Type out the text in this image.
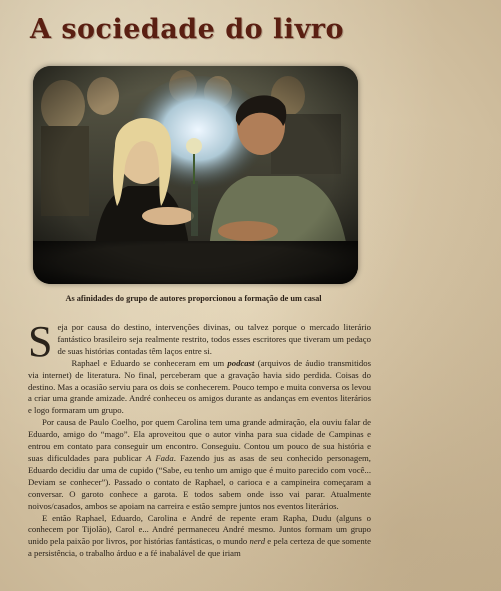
A sociedade do livro
As afinidades do grupo de autores proporcionou a formação de um casal

Seja por causa do destino, intervenções divinas, ou talvez porque o mercado literário fantástico brasileiro seja realmente restrito, todos esses escritores que tiveram um pedaço de suas histórias contadas têm laços entre si.

Raphael e Eduardo se conheceram em um podcast (arquivos de áudio transmitidos via internet) de literatura. No final, perceberam que a gravação havia sido perdida. Coisas do destino. Mas a ocasião serviu para os dois se conhecerem. Pouco tempo e muita conversa os levou a criar uma grande amizade. André conheceu os amigos durante as andanças em eventos literários e logo formaram um grupo.

Por causa de Paulo Coelho, por quem Carolina tem uma grande admiração, ela ouviu falar de Eduardo, amigo do “mago”. Ela aproveitou que o autor vinha para sua cidade de Campinas e entrou em contato para conseguir um encontro. Conseguiu. Contou um pouco de sua história e suas dificuldades para publicar A Fada. Fazendo jus as asas de seu conhecido personagem, Eduardo decidiu dar uma de cupido (“Sabe, eu tenho um amigo que é muito parecido com você... Deviam se conhecer”). Passado o contato de Raphael, o carioca e a campineira começaram a conversar. O garoto conhece a garota. E todos sabem onde isso vai parar. Atualmente noivos/casados, ambos se apoiam na carreira e estão sempre juntos nos eventos literários.

E então Raphael, Eduardo, Carolina e André de repente eram Rapha, Dudu (alguns o conhecem por Tijolão), Carol e... André permaneceu André mesmo. Juntos formam um grupo unido pela paixão por livros, por histórias fantásticas, o mundo nerd e pela certeza de que somente a persistência, o trabalho árduo e a fé inabalável de que iriam
